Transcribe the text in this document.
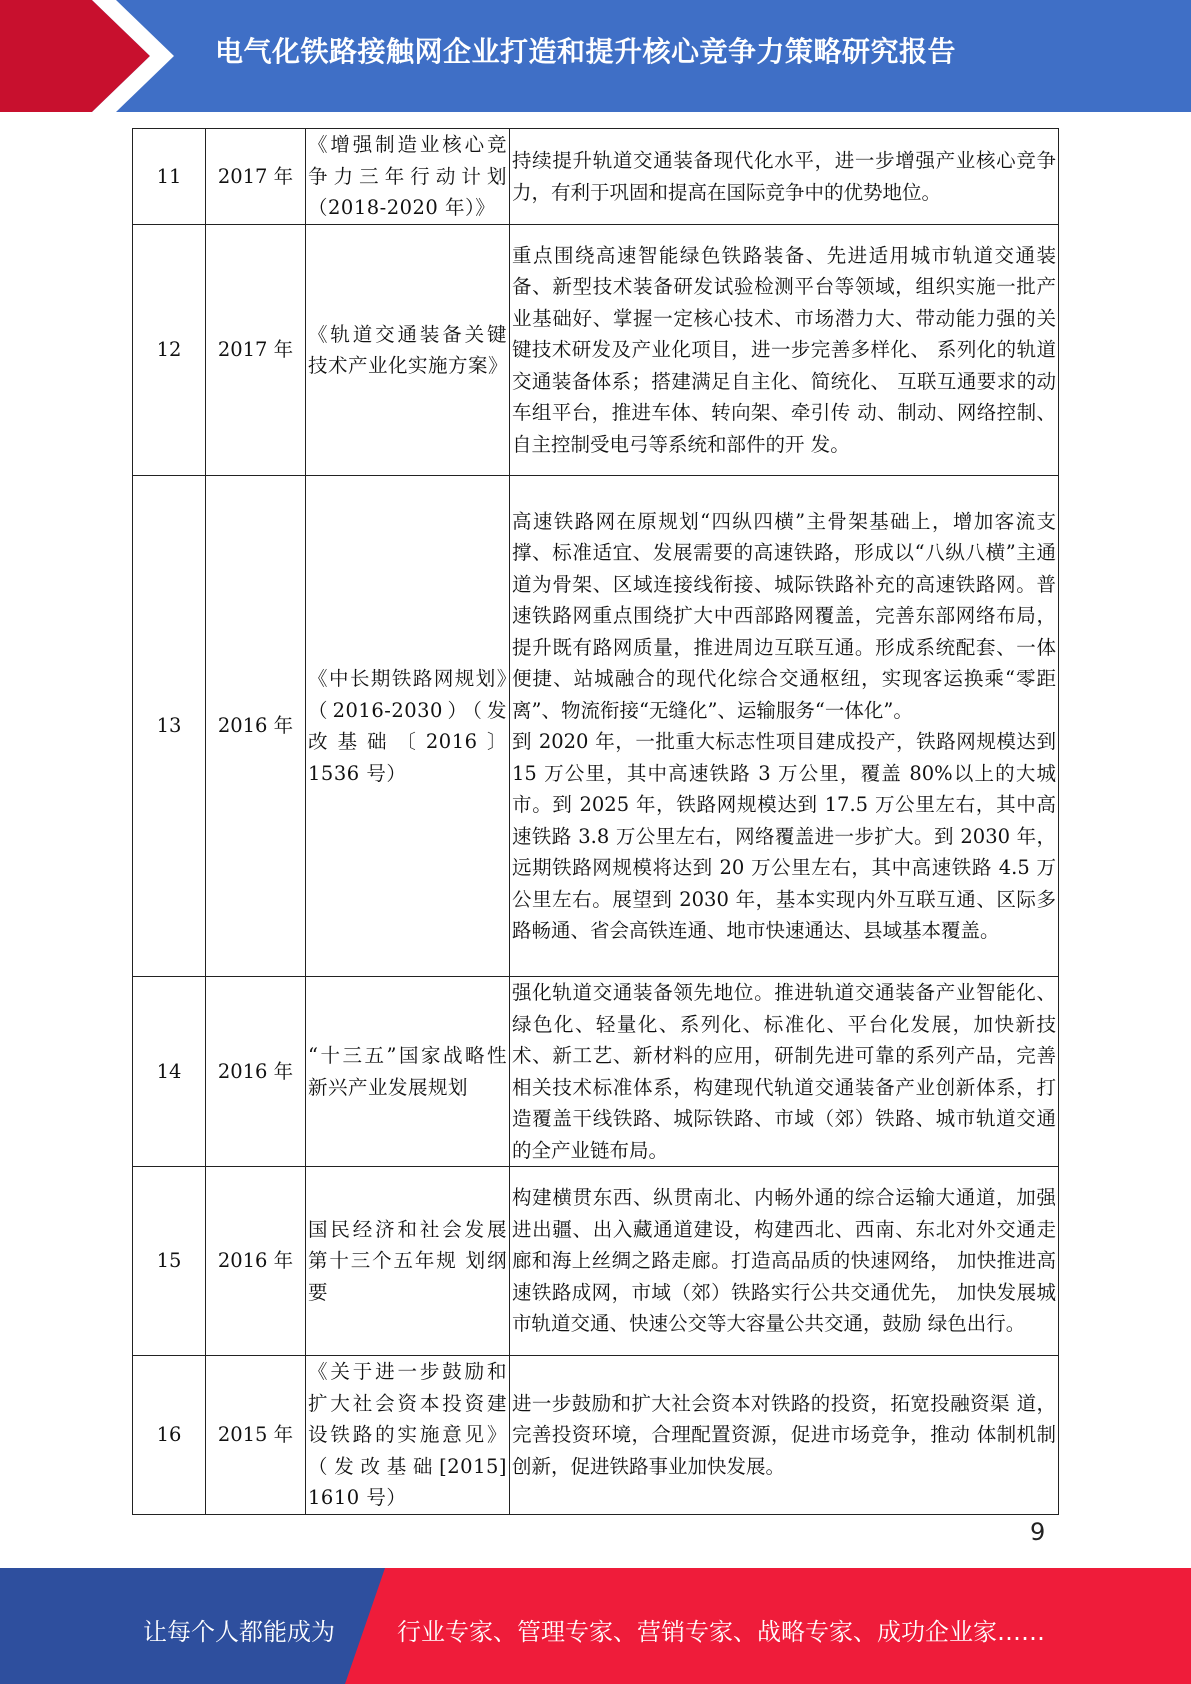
电气化铁路接触网企业打造和提升核心竞争力策略研究报告
11	2017 年	《增强制造业核心竞争力三年行动计划（2018-2020 年）》	持续提升轨道交通装备现代化水平，进一步增强产业核心竞争力，有利于巩固和提高在国际竞争中的优势地位。
12	2017 年	《轨道交通装备关键技术产业化实施方案》	重点围绕高速智能绿色铁路装备、先进适用城市轨道交通装备、新型技术装备研发试验检测平台等领域，组织实施一批产业基础好、掌握一定核心技术、市场潜力大、带动能力强的关键技术研发及产业化项目，进一步完善多样化、 系列化的轨道交通装备体系；搭建满足自主化、简统化、 互联互通要求的动车组平台，推进车体、转向架、牵引传 动、制动、网络控制、自主控制受电弓等系统和部件的开 发。
13	2016 年	《中长期铁路网规划》（2016-2030）（发 改基础〔2016〕1536 号）	高速铁路网在原规划“四纵四横”主骨架基础上，增加客流支撑、标准适宜、发展需要的高速铁路，形成以“八纵八横”主通道为骨架、区域连接线衔接、城际铁路补充的高速铁路网。普速铁路网重点围绕扩大中西部路网覆盖，完善东部网络布局，提升既有路网质量，推进周边互联互通。形成系统配套、一体便捷、站城融合的现代化综合交通枢纽，实现客运换乘“零距离”、物流衔接“无缝化”、运输服务“一体化”。
到 2020 年，一批重大标志性项目建成投产，铁路网规模达到 15 万公里，其中高速铁路 3 万公里，覆盖 80%以上的大城市。到 2025 年，铁路网规模达到 17.5 万公里左右，其中高速铁路 3.8 万公里左右，网络覆盖进一步扩大。到 2030 年，远期铁路网规模将达到 20 万公里左右，其中高速铁路 4.5 万公里左右。展望到 2030 年，基本实现内外互联互通、区际多路畅通、省会高铁连通、地市快速通达、县域基本覆盖。

14	2016 年	“十三五”国家战略性新兴产业发展规划	强化轨道交通装备领先地位。推进轨道交通装备产业智能化、绿色化、轻量化、系列化、标准化、平台化发展，加快新技术、新工艺、新材料的应用，研制先进可靠的系列产品，完善相关技术标准体系，构建现代轨道交通装备产业创新体系，打造覆盖干线铁路、城际铁路、市域（郊）铁路、城市轨道交通的全产业链布局。
15	2016 年	国民经济和社会发展第十三个五年规 划纲要	构建横贯东西、纵贯南北、内畅外通的综合运输大通道，加强进出疆、出入藏通道建设，构建西北、西南、东北对外交通走廊和海上丝绸之路走廊。打造高品质的快速网络， 加快推进高速铁路成网，市域（郊）铁路实行公共交通优先， 加快发展城市轨道交通、快速公交等大容量公共交通，鼓励 绿色出行。
16	2015 年	《关于进一步鼓励和扩大社会资本投资建设铁路的实施意见》（发改基础[2015] 1610 号）	进一步鼓励和扩大社会资本对铁路的投资，拓宽投融资渠 道，完善投资环境，合理配置资源，促进市场竞争，推动 体制机制创新，促进铁路事业加快发展。
9
让每个人都能成为	行业专家、管理专家、营销专家、战略专家、成功企业家……
